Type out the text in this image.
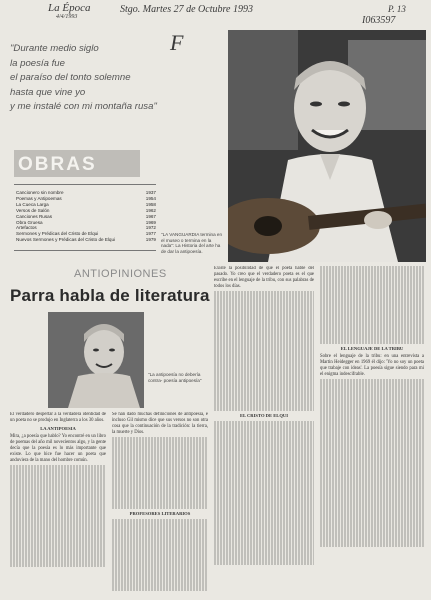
La Época
4/4/1993
Stgo. Martes 27 de Octubre 1993	P. 13
I063597
F
"Durante medio siglo
la poesía fue
el paraíso del tonto solemne
hasta que vine yo
y me instalé con mi montaña rusa"
"LA VANGUARDIA termina en el museo o termina en la nada": La Historia del arte ha de dar la antipoesía.
OBRAS
Cancionero sin nombre	1937
Poemas y Antipoemas	1954
La Cueca Larga	1958
Versos de Salón	1962
Canciones Rusas	1967
Obra Gruesa	1969
Artefactos	1972
Sermones y Prédicas del Cristo de Elqui	1977
Nuevos Sermones y Prédicas del Cristo de Elqui	1979
ANTIOPINIONES
Parra habla de literatura
"La antipoesía no debería contra- poesía antipoesía"

El verdadero despertar a la verdadera identidad de un poeta no se produjo en Inglaterra a los 30 años.

LA ANTIPOESIA

Mira, ¿a poesía que hablo? Yo encontré en un libro de poemas del año mil novecientos algo, y la gente decía que la poesía es lo más importante que existe. Lo que hice fue hacer un poeta que anduviera de la mano del hombre común.

Se han dado muchas definiciones de antipoesía, e incluso Gil mismo dice que sus versos no son otra cosa que la continuación de la tradición: la tierra, la muerte y Dios.

PROFESORES LITERARIOS

Existe la posibilidad de que el poeta hable del pasado. Yo creo que el verdadero poeta es el que escribe en el lenguaje de la tribu, con sus palabras de todos los días.

EL CRISTO DE ELQUI
EL LENGUAJE DE LA TRIBU

Sobre el lenguaje de la tribu: en una entrevista a Martin Heidegger en 1969 él dijo: 'Yo no soy un poeta que trabaje con ideas'. La poesía sigue siendo para mi el enigma indescifrable.
